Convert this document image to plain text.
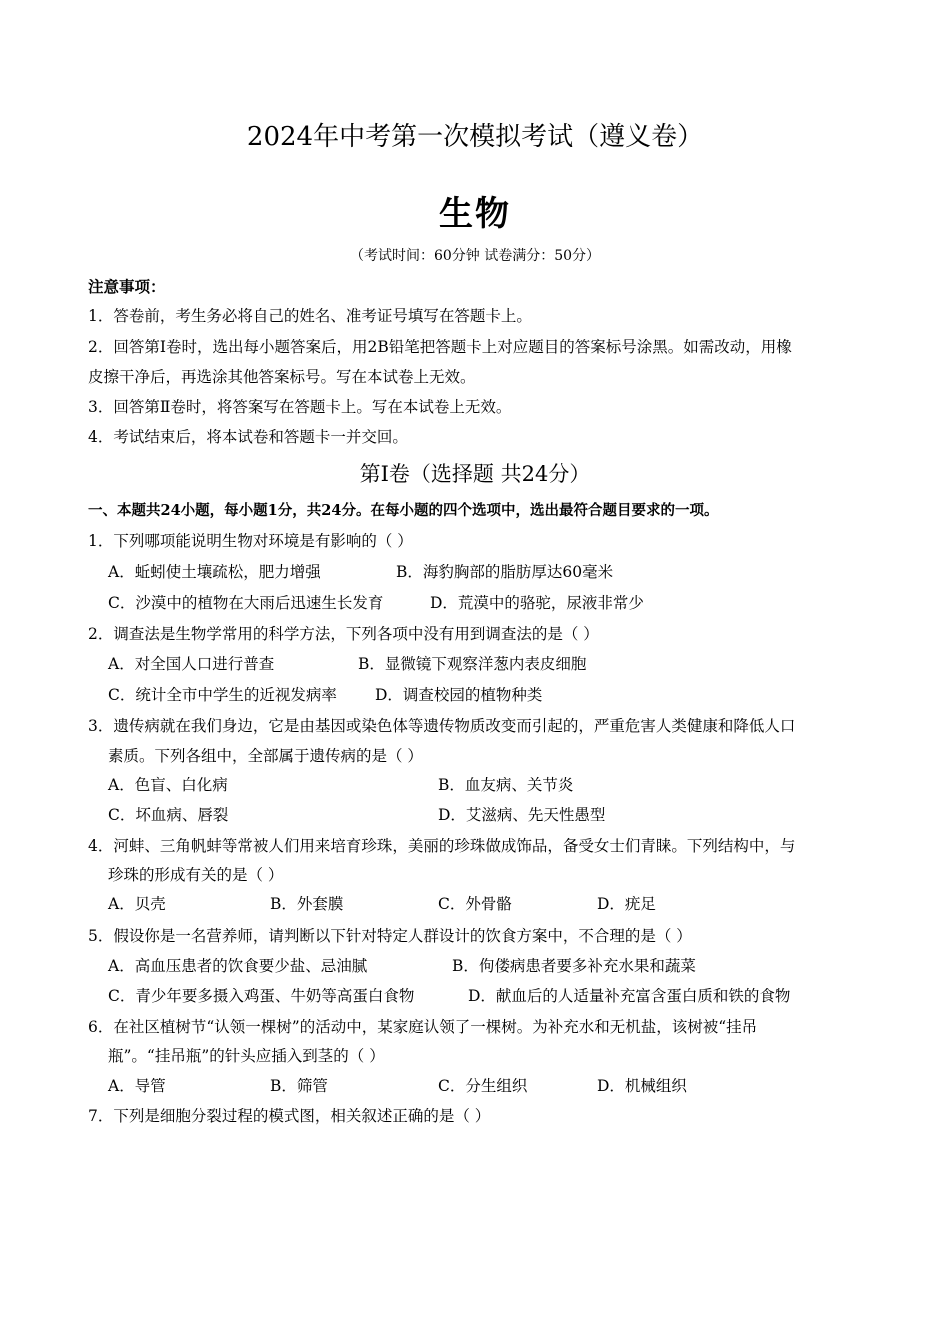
2024年中考第一次模拟考试（遵义卷）
生物
（考试时间：60分钟 试卷满分：50分）
注意事项：
1．答卷前，考生务必将自己的姓名、准考证号填写在答题卡上。
2．回答第Ⅰ卷时，选出每小题答案后，用2B铅笔把答题卡上对应题目的答案标号涂黑。如需改动，用橡
皮擦干净后，再选涂其他答案标号。写在本试卷上无效。
3．回答第Ⅱ卷时，将答案写在答题卡上。写在本试卷上无效。
4．考试结束后，将本试卷和答题卡一并交回。
第Ⅰ卷（选择题 共24分）
一、本题共24小题，每小题1分，共24分。在每小题的四个选项中，选出最符合题目要求的一项。
1．下列哪项能说明生物对环境是有影响的（ ）
A．蚯蚓使土壤疏松，肥力增强	B．海豹胸部的脂肪厚达60毫米
C．沙漠中的植物在大雨后迅速生长发育	D．荒漠中的骆驼，尿液非常少
2．调查法是生物学常用的科学方法，下列各项中没有用到调查法的是（ ）
A．对全国人口进行普查	B．显微镜下观察洋葱内表皮细胞
C．统计全市中学生的近视发病率 D．调查校园的植物种类
3．遗传病就在我们身边，它是由基因或染色体等遗传物质改变而引起的，严重危害人类健康和降低人口
素质。下列各组中，全部属于遗传病的是（ ）
A．色盲、白化病	B．血友病、关节炎
C．坏血病、唇裂	D．艾滋病、先天性愚型
4．河蚌、三角帆蚌等常被人们用来培育珍珠，美丽的珍珠做成饰品，备受女士们青睐。下列结构中，与
珍珠的形成有关的是（ ）
A．贝壳	B．外套膜	C．外骨骼	D．疣足
5．假设你是一名营养师，请判断以下针对特定人群设计的饮食方案中，不合理的是（ ）
A．高血压患者的饮食要少盐、忌油腻	B．佝偻病患者要多补充水果和蔬菜
C．青少年要多摄入鸡蛋、牛奶等高蛋白食物	D．献血后的人适量补充富含蛋白质和铁的食物
6．在社区植树节“认领一棵树”的活动中，某家庭认领了一棵树。为补充水和无机盐，该树被“挂吊
瓶”。“挂吊瓶”的针头应插入到茎的（ ）
A．导管	B．筛管	C．分生组织	D．机械组织
7．下列是细胞分裂过程的模式图，相关叙述正确的是（ ）
